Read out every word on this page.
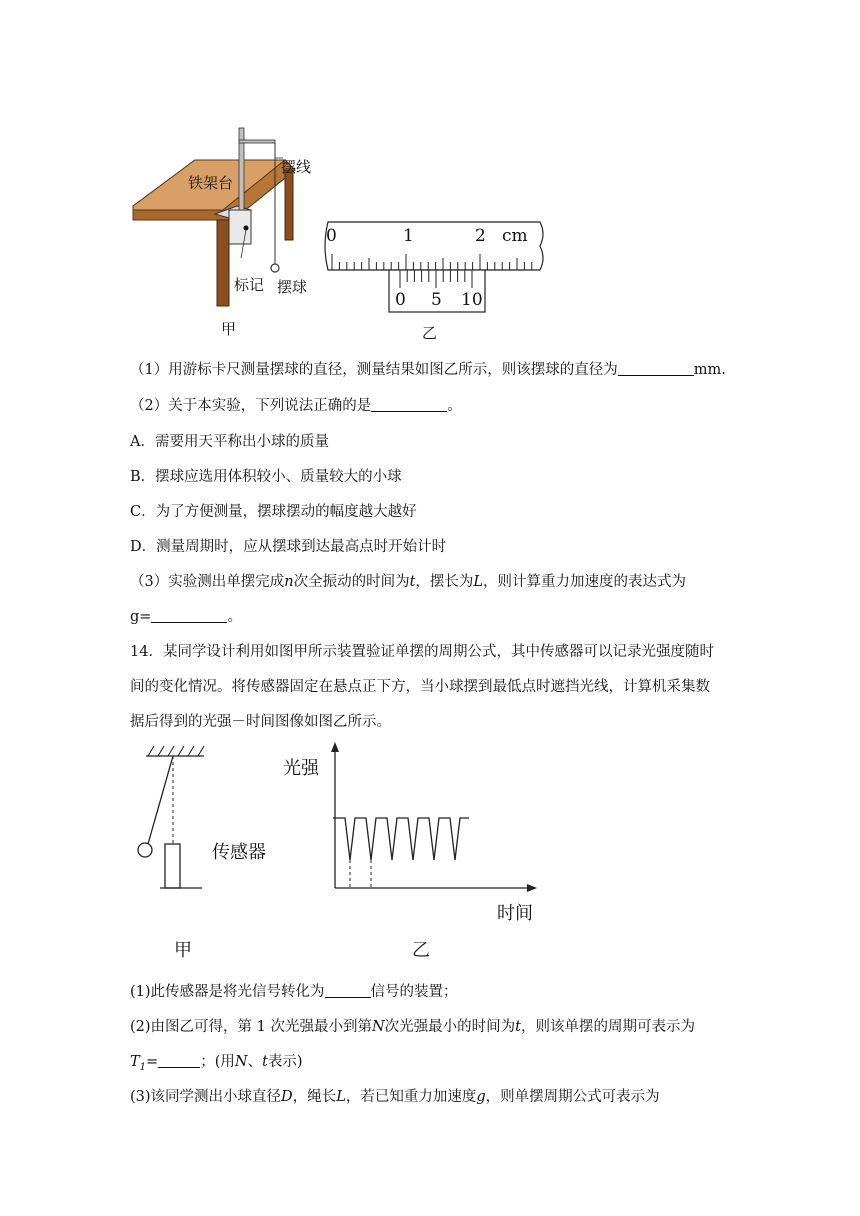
铁架台
摆线
标记 摆球
甲
0	1	2 cm
0 5 10
乙
（1）用游标卡尺测量摆球的直径，测量结果如图乙所示，则该摆球的直径为	mm.
（2）关于本实验，下列说法正确的是	。
A．需要用天平称出小球的质量
B．摆球应选用体积较小、质量较大的小球
C．为了方便测量，摆球摆动的幅度越大越好
D．测量周期时，应从摆球到达最高点时开始计时
（3）实验测出单摆完成n次全振动的时间为t，摆长为L，则计算重力加速度的表达式为
g=	。
14．某同学设计利用如图甲所示装置验证单摆的周期公式，其中传感器可以记录光强度随时
间的变化情况。将传感器固定在悬点正下方，当小球摆到最低点时遮挡光线，计算机采集数
据后得到的光强－时间图像如图乙所示。
传感器
甲
光强
时间
乙
(1)此传感器是将光信号转化为	信号的装置；
(2)由图乙可得，第 1 次光强最小到第N次光强最小的时间为t，则该单摆的周期可表示为
$T_1=$	；(用N、t表示)
(3)该同学测出小球直径D，绳长L，若已知重力加速度g，则单摆周期公式可表示为
